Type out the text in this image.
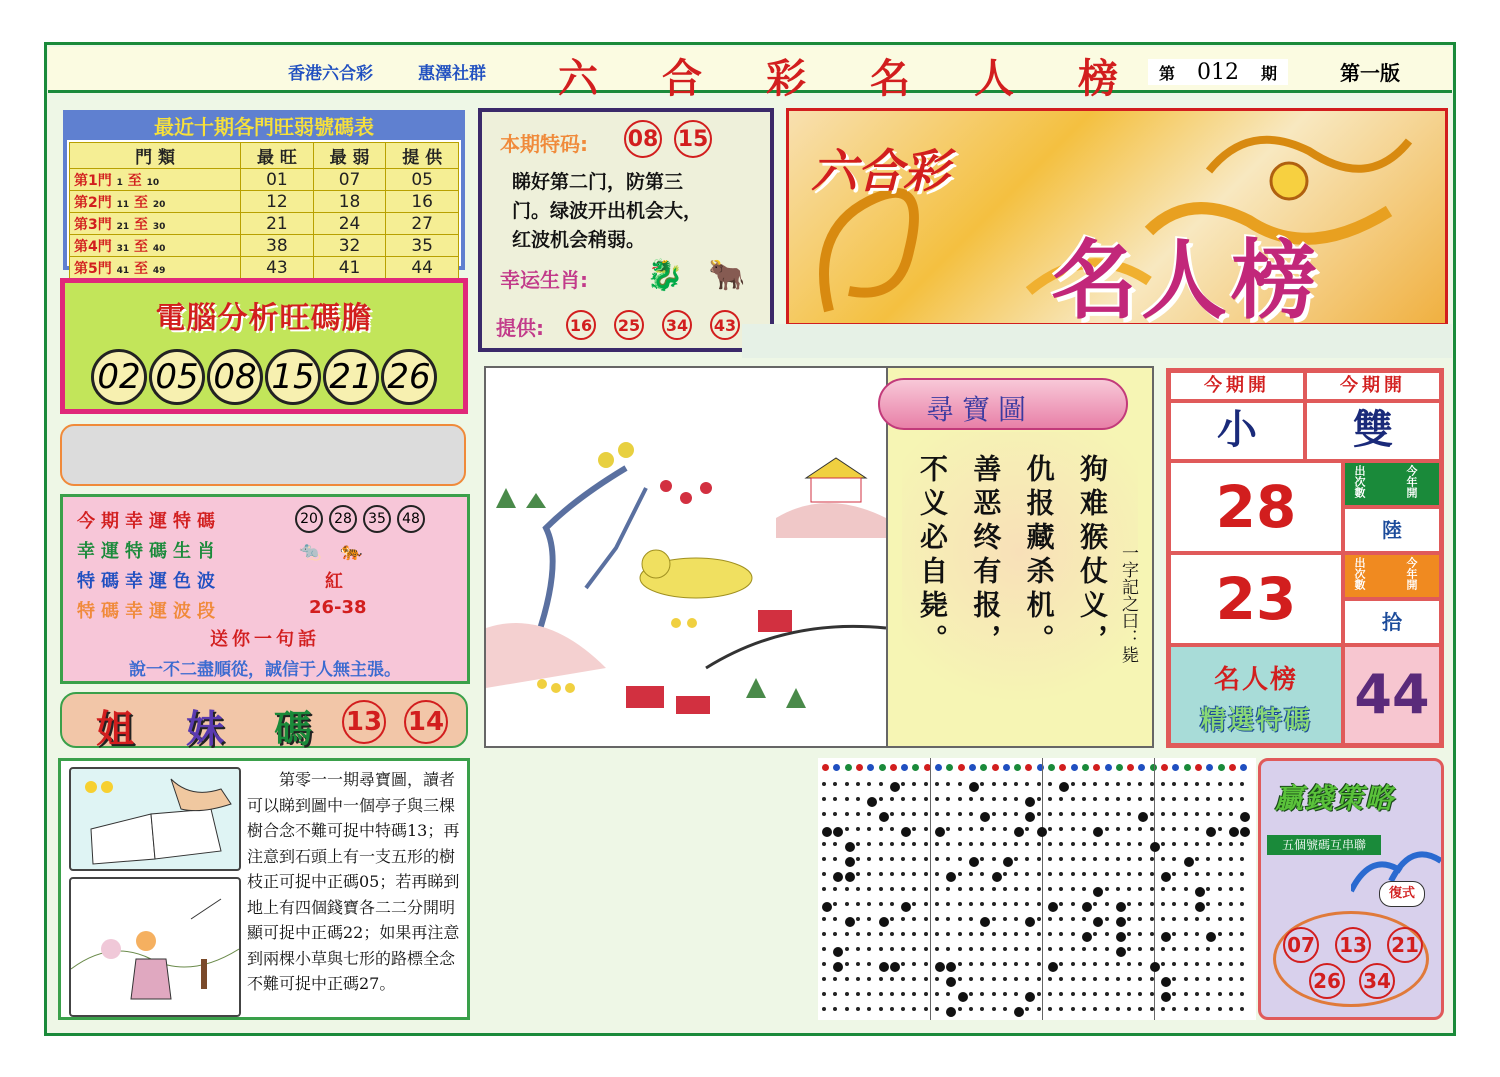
香港六合彩	惠澤社群 六 合 彩 名 人 榜	第 012 期	第一版
最近十期各門旺弱號碼表
門 類	最 旺	最 弱	提 供
第1門 1 至 10	01	07	05
第2門 11 至 20	12	18	16
第3門 21 至 30	21	24	27
第4門 31 至 40	38	32	35
第5門 41 至 49	43	41	44
電腦分析旺碼膽
02 05 08 15 21 26
今期幸運特碼	20	28	35	48
幸運特碼生肖	🐀   🐅
特碼幸運色波	紅
特碼幸運波段	26-38
送你一句話
說一不二盡順從，誠信于人無主張。
姐 妹 碼 13 14
第零一一期尋寶圖，讀者可以睇到圖中一個亭子與三棵樹合念不難可捉中特碼13；再注意到石頭上有一支五形的樹枝正可捉中正碼05；若再睇到地上有四個錢寶各二二分開明顯可捉中正碼22；如果再注意到兩棵小草與七形的路標全念不難可捉中正碼27。
本期特码: 08 15
睇好第二门，防第三
门。绿波开出机会大，
红波机会稍弱。
幸运生肖: 🐉 🐂
提供: 16 25 34 43
六合彩
名人榜
尋寶圖
狗难猴仗义，
仇报藏杀机。
善恶终有报，
不义必自毙。	一字記之曰：毙
今期開	今期開
小	雙
28	出次數	今年開
陸
23	出次數	今年開
拾
名人榜
精選特碼 44
贏錢策略
五個號碼互串聯
復式
07 13 21
26 34
